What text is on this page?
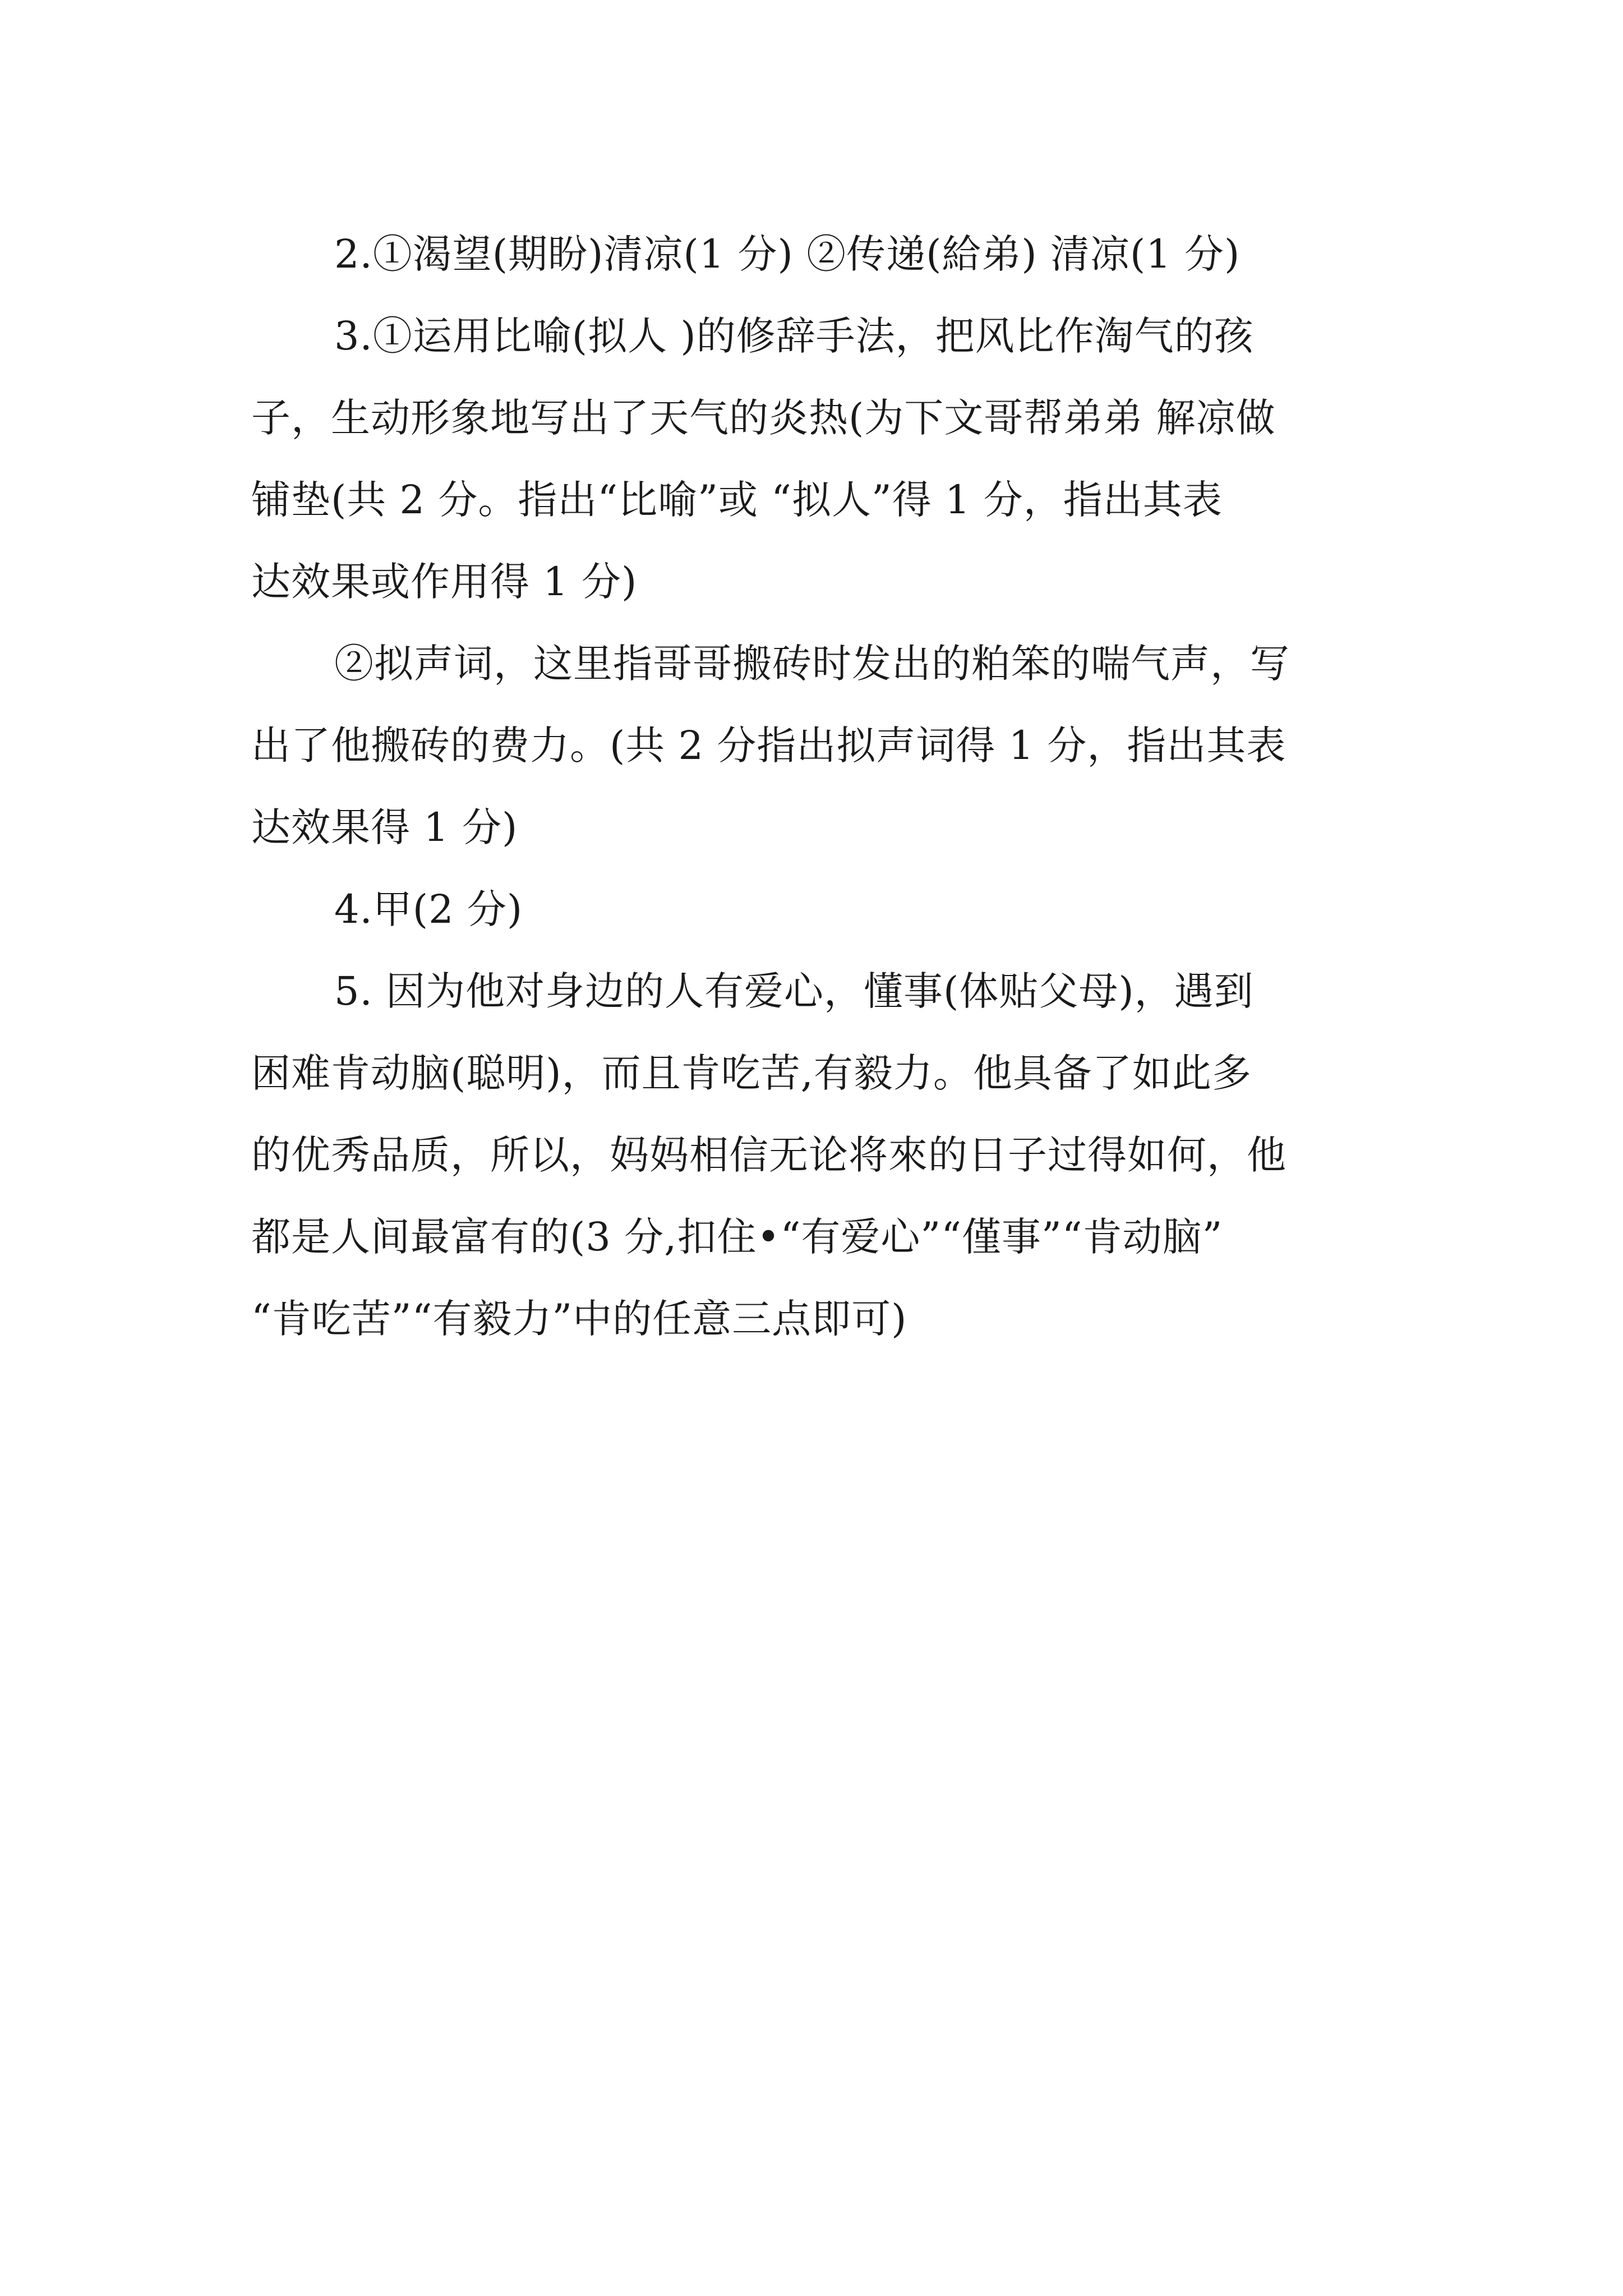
2.①渴望(期盼)清凉(1 分) ②传递(給弟) 清凉(1 分)
3.①运用比喻(拟人 )的修辞手法，把风比作淘气的孩
子，生动形象地写出了天气的炎热(为下文哥帮弟弟 解凉做
铺垫(共 2 分。指出“比喻”或 “拟人”得 1 分，指出其表
达效果或作用得 1 分)
②拟声词，这里指哥哥搬砖时发出的粕笨的喘气声，写
出了他搬砖的费力。(共 2 分指出拟声词得 1 分，指出其表
达效果得 1 分)
4.甲(2 分)
5. 因为他对身边的人有爱心，懂事(体贴父母)，遇到
困难肯动脑(聪明)，而且肯吃苦,有毅力。他具备了如此多
的优秀品质，所以，妈妈相信无论将來的日子过得如何，他
都是人间最富有的(3 分,扣住•“有爱心”“僅事”“肯动脑”
“肯吃苦”“有毅力”中的任意三点即可)
